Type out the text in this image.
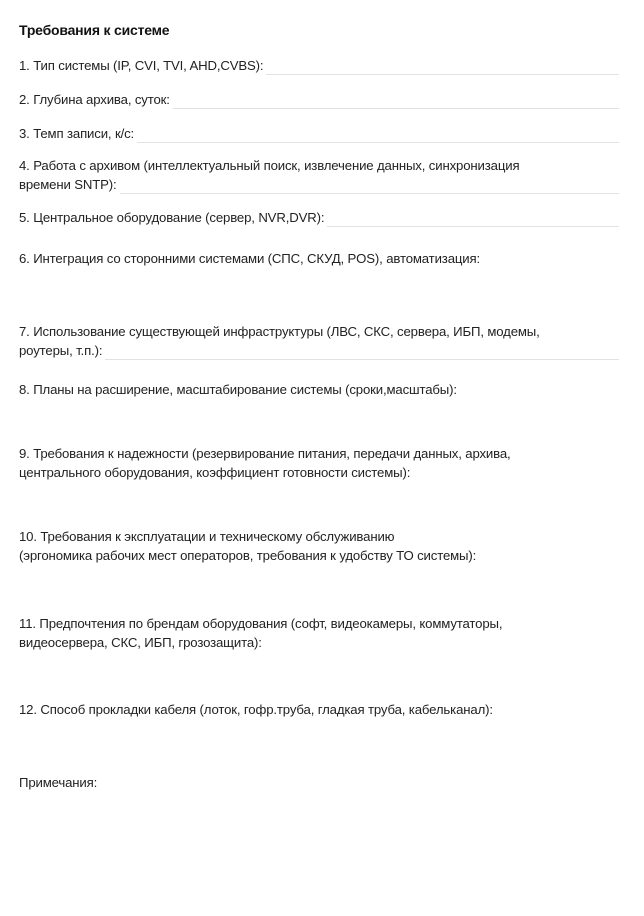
Требования к системе
1. Тип системы (IP, CVI, TVI, AHD,CVBS):
2. Глубина архива, суток:
3. Темп записи, к/с:
4. Работа с архивом (интеллектуальный поиск, извлечение данных, синхронизация
времени SNTP):
5. Центральное оборудование (сервер, NVR,DVR):
6. Интеграция со сторонними системами (СПС, СКУД, POS), автоматизация:
7. Использование существующей инфраструктуры (ЛВС, СКС, сервера, ИБП, модемы,
роутеры, т.п.):
8. Планы на расширение, масштабирование системы (сроки,масштабы):
9. Требования к надежности (резервирование питания, передачи данных, архива,
центрального оборудования, коэффициент готовности системы):
10. Требования к эксплуатации и техническому обслуживанию
(эргономика рабочих мест операторов, требования к удобству ТО системы):
11. Предпочтения по брендам оборудования (софт, видеокамеры, коммутаторы,
видеосервера, СКС, ИБП, грозозащита):
12. Способ прокладки кабеля (лоток, гофр.труба, гладкая труба, кабельканал):
Примечания:
